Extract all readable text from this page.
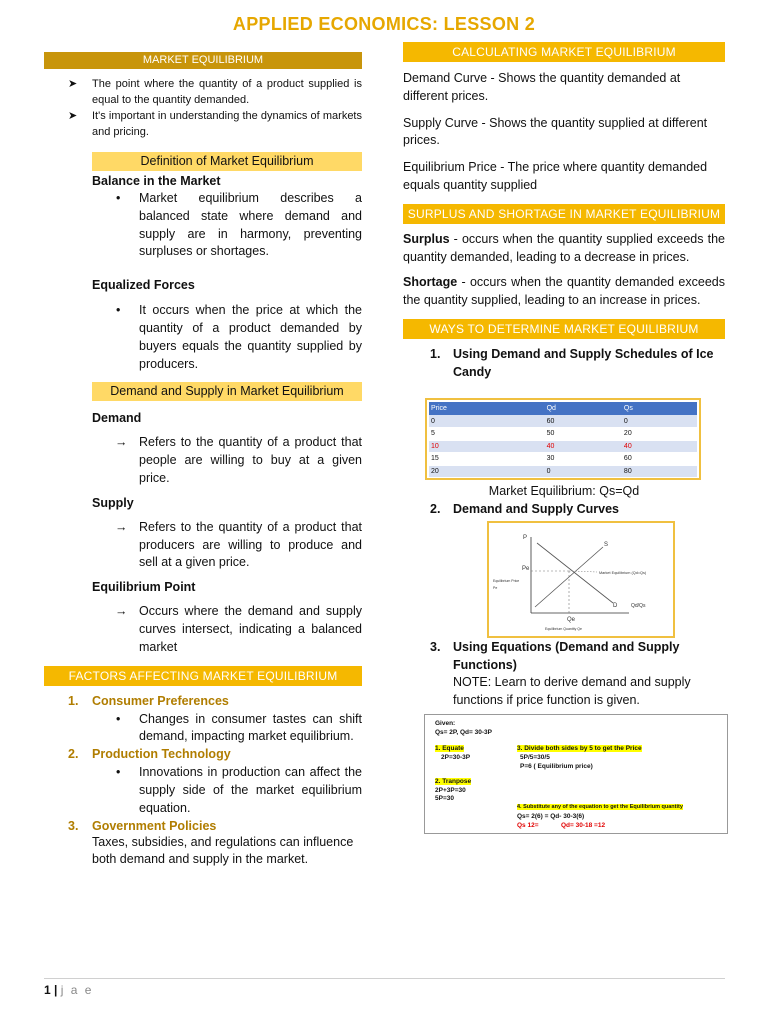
APPLIED ECONOMICS: LESSON 2
MARKET EQUILIBRIUM
➤ The point where the quantity of a product supplied is equal to the quantity demanded.
➤ It's important in understanding the dynamics of markets and pricing.
Definition of Market Equilibrium
Balance in the Market
• Market equilibrium describes a balanced state where demand and supply are in harmony, preventing surpluses or shortages.
Equalized Forces
• It occurs when the price at which the quantity of a product demanded by buyers equals the quantity supplied by producers.
Demand and Supply in Market Equilibrium
Demand
→ Refers to the quantity of a product that people are willing to buy at a given price.
Supply
→ Refers to the quantity of a product that producers are willing to produce and sell at a given price.
Equilibrium Point
→ Occurs where the demand and supply curves intersect, indicating a balanced market
FACTORS AFFECTING MARKET EQUILIBRIUM
1. Consumer Preferences
• Changes in consumer tastes can shift demand, impacting market equilibrium.
2. Production Technology
• Innovations in production can affect the supply side of the market equilibrium equation.
3. Government Policies
Taxes, subsidies, and regulations can influence both demand and supply in the market.
CALCULATING MARKET EQUILIBRIUM
Demand Curve - Shows the quantity demanded at different prices.
Supply Curve - Shows the quantity supplied at different prices.
Equilibrium Price - The price where quantity demanded equals quantity supplied
SURPLUS AND SHORTAGE IN MARKET EQUILIBRIUM
Surplus - occurs when the quantity supplied exceeds the quantity demanded, leading to a decrease in prices.
Shortage - occurs when the quantity demanded exceeds the quantity supplied, leading to an increase in prices.
WAYS TO DETERMINE MARKET EQUILIBRIUM
1. Using Demand and Supply Schedules of Ice Candy
Price	Qd	Qs
0	60	0
5	50	20
10	40	40
15	30	60
20	0	80
Market Equilibrium: Qs=Qd
2. Demand and Supply Curves
P
S
D
Pe
Pe
Qe
Market Equilibrium (Qd=Qs)
Equilibrium Price
Equilibrium Quantity Qe
Qd/Qs
3. Using Equations (Demand and Supply Functions)
NOTE: Learn to derive demand and supply functions if price function is given.
Given:
Qs= 2P, Qd= 30-3P
1. Equate
2P=30-3P
2. Tranpose
2P+3P=30
5P=30
3. Divide both sides by 5 to get the Price
5P/5=30/5
P=6 ( Equilibrium price)
4. Substitute any of the equation to get the Equilibrium quantity
Qs= 2(6) = Qd- 30-3(6)
Qs 12=	Qd= 30-18 =12
1 | j a e
